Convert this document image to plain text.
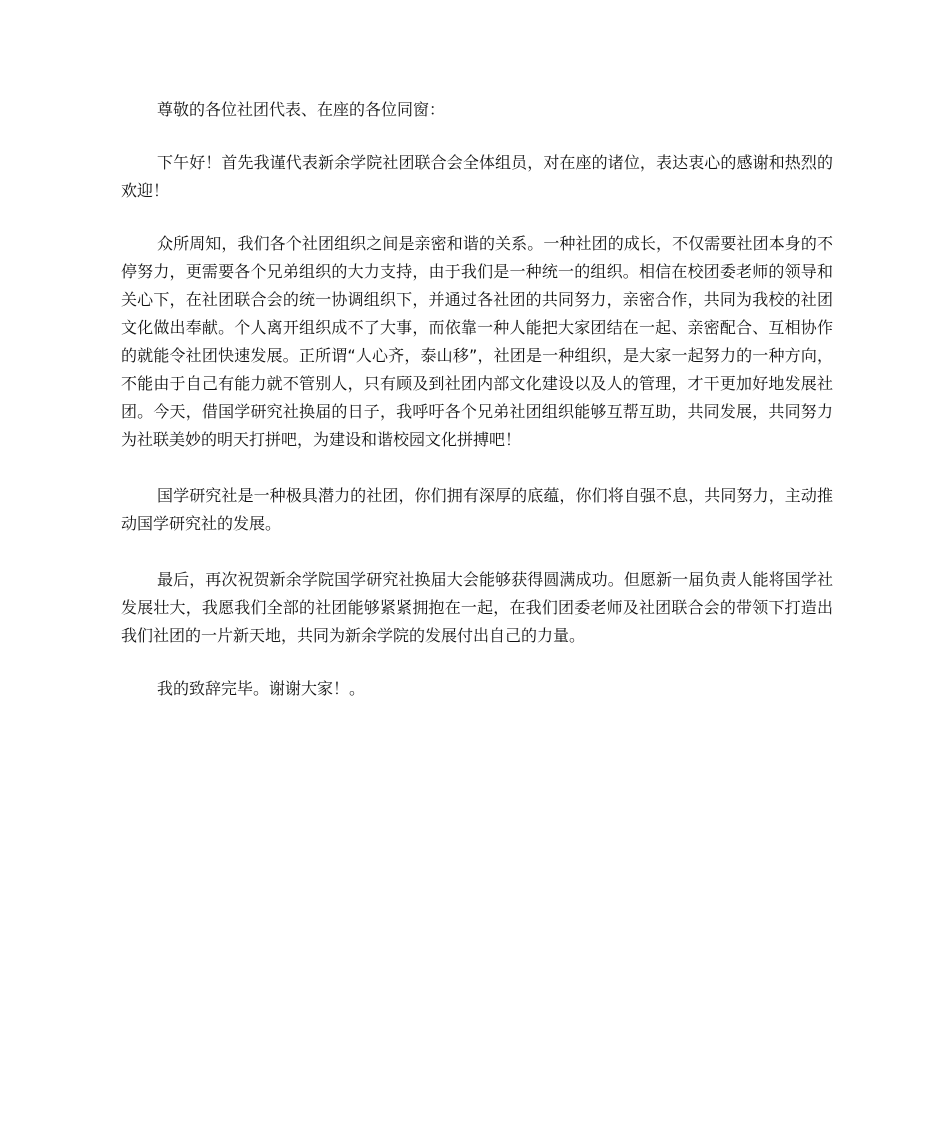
尊敬的各位社团代表、在座的各位同窗：

下午好！首先我谨代表新余学院社团联合会全体组员，对在座的诸位，表达衷心的感谢和热烈的欢迎！

众所周知，我们各个社团组织之间是亲密和谐的关系。一种社团的成长，不仅需要社团本身的不停努力，更需要各个兄弟组织的大力支持，由于我们是一种统一的组织。相信在校团委老师的领导和关心下，在社团联合会的统一协调组织下，并通过各社团的共同努力，亲密合作，共同为我校的社团文化做出奉献。个人离开组织成不了大事，而依靠一种人能把大家团结在一起、亲密配合、互相协作的就能令社团快速发展。正所谓“人心齐，泰山移”，社团是一种组织，是大家一起努力的一种方向，不能由于自己有能力就不管别人，只有顾及到社团内部文化建设以及人的管理，才干更加好地发展社团。今天，借国学研究社换届的日子，我呼吁各个兄弟社团组织能够互帮互助，共同发展，共同努力为社联美妙的明天打拼吧，为建设和谐校园文化拼搏吧！

国学研究社是一种极具潜力的社团，你们拥有深厚的底蕴，你们将自强不息，共同努力，主动推动国学研究社的发展。

最后，再次祝贺新余学院国学研究社换届大会能够获得圆满成功。但愿新一届负责人能将国学社发展壮大，我愿我们全部的社团能够紧紧拥抱在一起，在我们团委老师及社团联合会的带领下打造出我们社团的一片新天地，共同为新余学院的发展付出自己的力量。

我的致辞完毕。谢谢大家！。
